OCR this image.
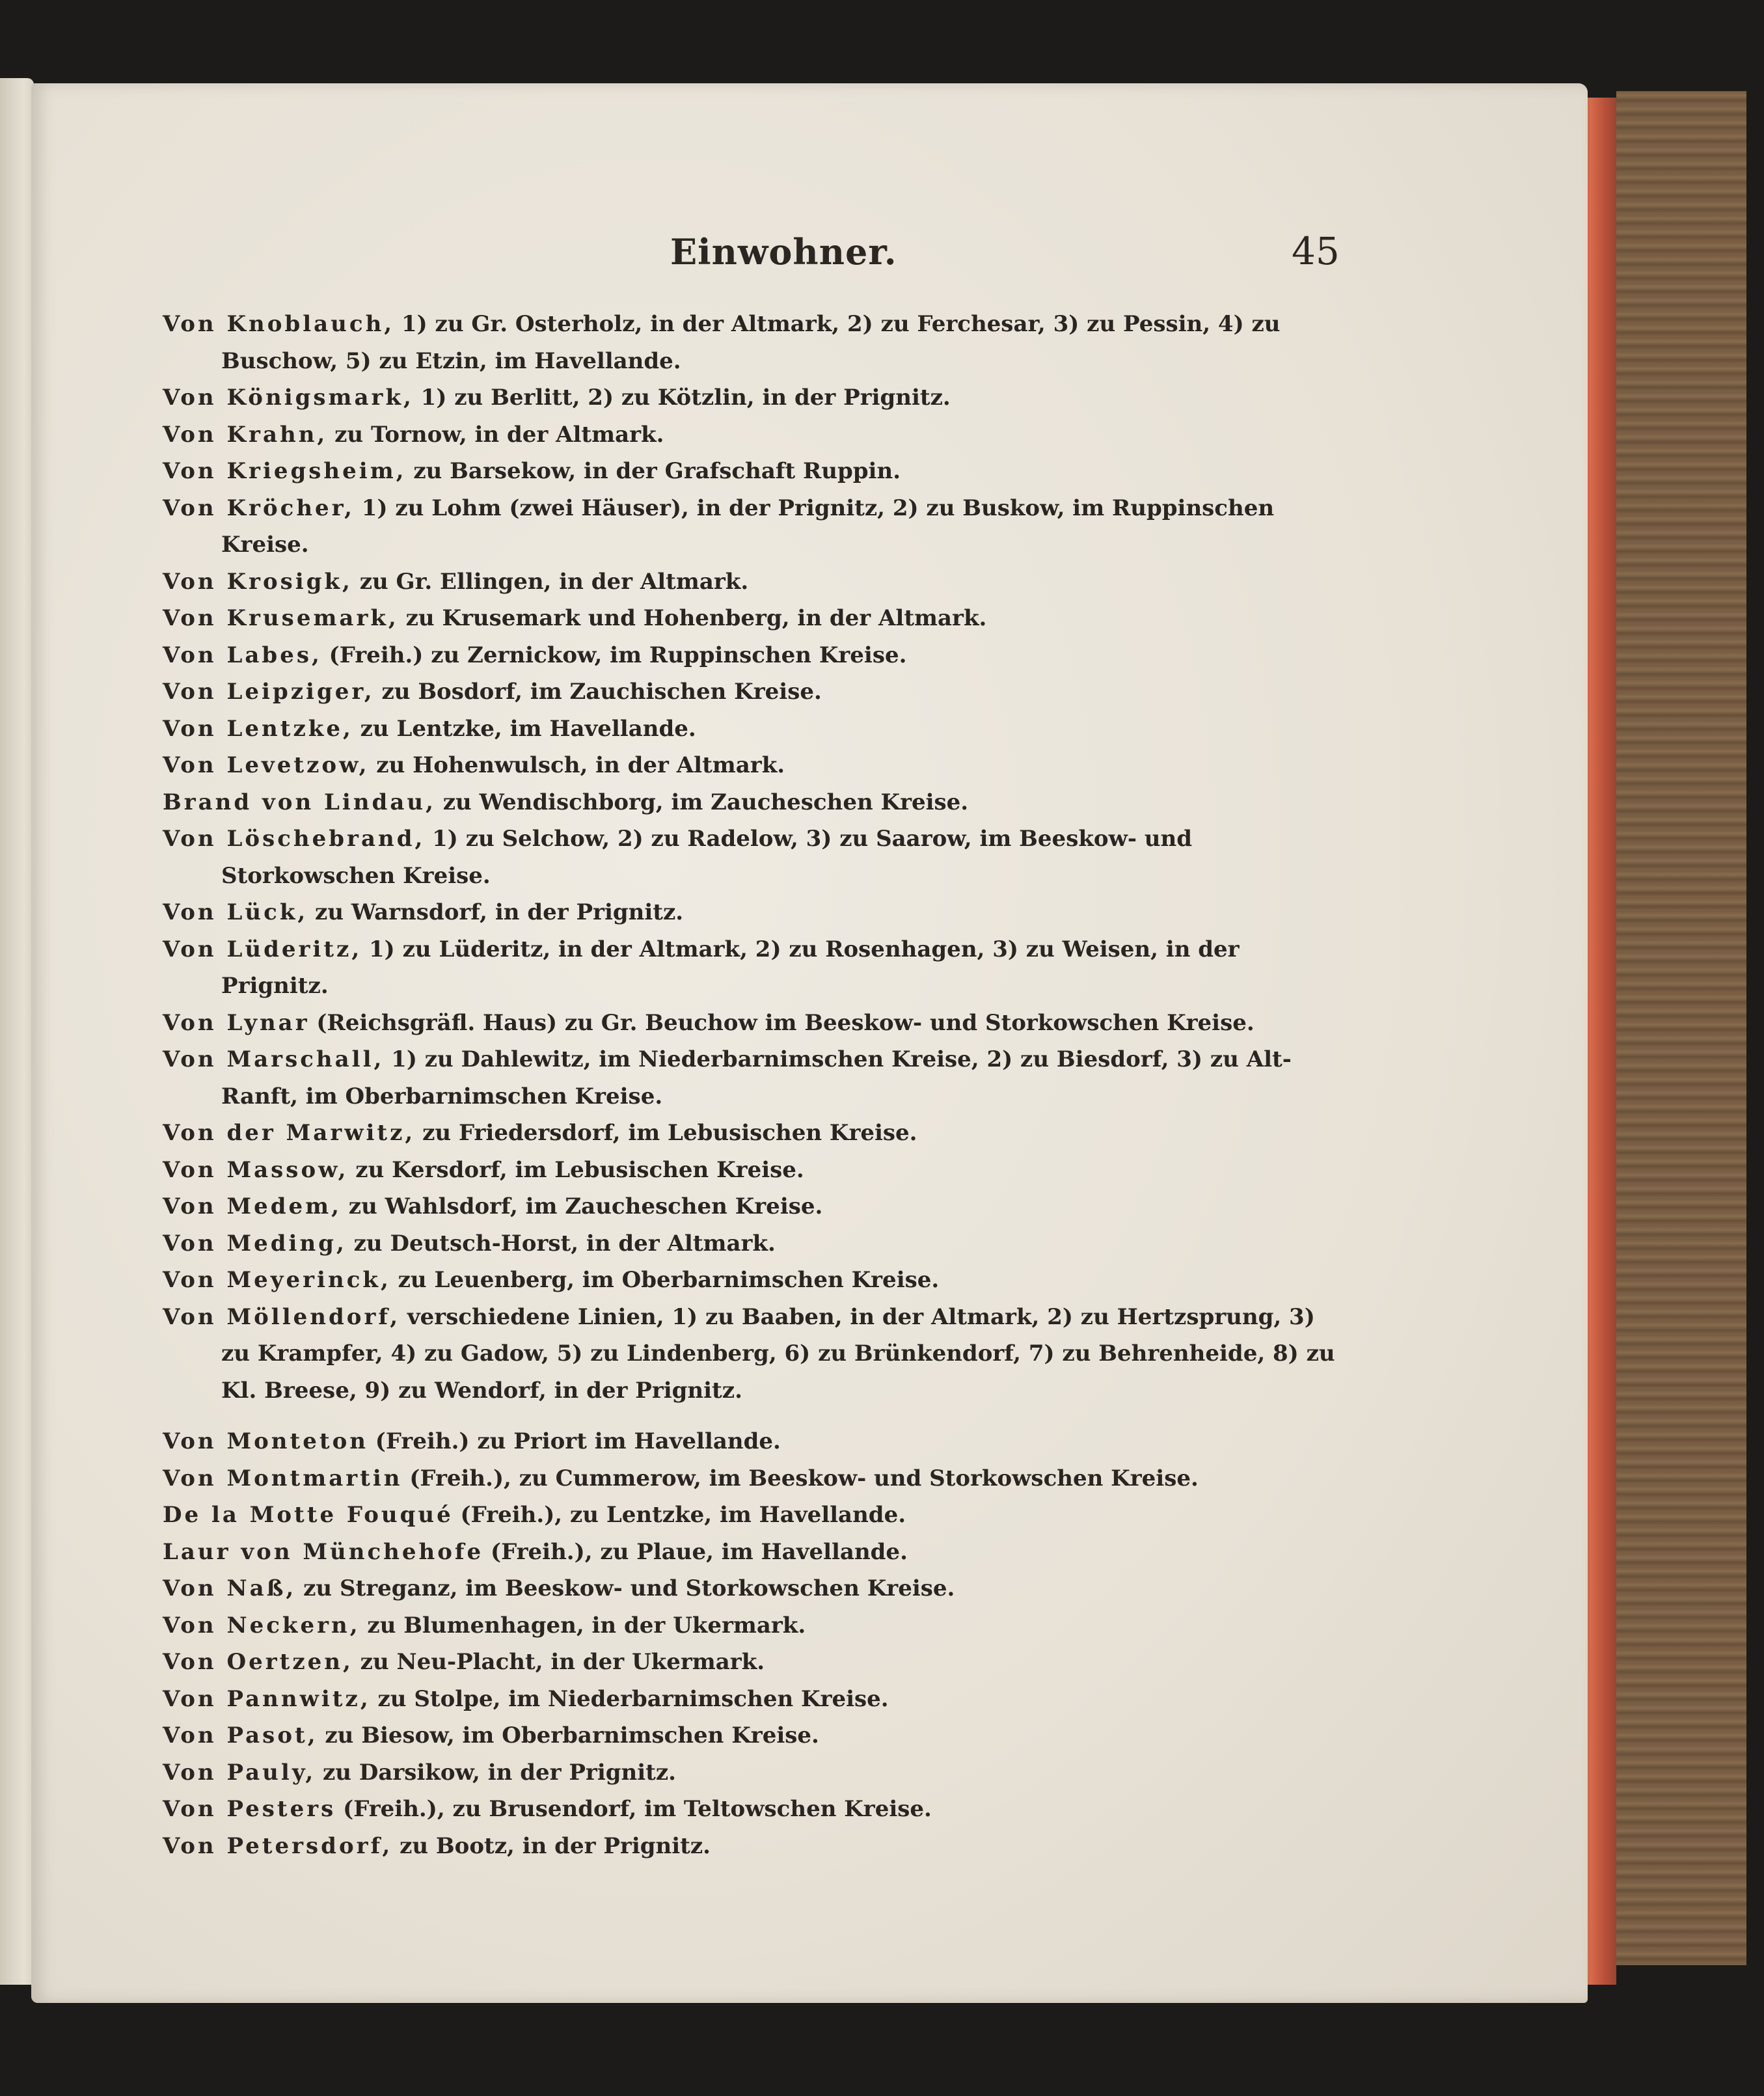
Einwohner.	45
Von Knoblauch, 1) zu Gr. Osterholz, in der Altmark, 2) zu Ferchesar, 3) zu Pessin, 4) zu Buschow, 5) zu Etzin, im Havellande.
Von Königsmark, 1) zu Berlitt, 2) zu Kötzlin, in der Prignitz.
Von Krahn, zu Tornow, in der Altmark.
Von Kriegsheim, zu Barsekow, in der Grafschaft Ruppin.
Von Kröcher, 1) zu Lohm (zwei Häuser), in der Prignitz, 2) zu Buskow, im Ruppinschen Kreise.
Von Krosigk, zu Gr. Ellingen, in der Altmark.
Von Krusemark, zu Krusemark und Hohenberg, in der Altmark.
Von Labes, (Freih.) zu Zernickow, im Ruppinschen Kreise.
Von Leipziger, zu Bosdorf, im Zauchischen Kreise.
Von Lentzke, zu Lentzke, im Havellande.
Von Levetzow, zu Hohenwulsch, in der Altmark.
Brand von Lindau, zu Wendischborg, im Zaucheschen Kreise.
Von Löschebrand, 1) zu Selchow, 2) zu Radelow, 3) zu Saarow, im Beeskow- und Storkowschen Kreise.
Von Lück, zu Warnsdorf, in der Prignitz.
Von Lüderitz, 1) zu Lüderitz, in der Altmark, 2) zu Rosenhagen, 3) zu Weisen, in der Prignitz.
Von Lynar (Reichsgräfl. Haus) zu Gr. Beuchow im Beeskow- und Storkowschen Kreise.
Von Marschall, 1) zu Dahlewitz, im Niederbarnimschen Kreise, 2) zu Biesdorf, 3) zu Alt-Ranft, im Oberbarnimschen Kreise.
Von der Marwitz, zu Friedersdorf, im Lebusischen Kreise.
Von Massow, zu Kersdorf, im Lebusischen Kreise.
Von Medem, zu Wahlsdorf, im Zaucheschen Kreise.
Von Meding, zu Deutsch-Horst, in der Altmark.
Von Meyerinck, zu Leuenberg, im Oberbarnimschen Kreise.
Von Möllendorf, verschiedene Linien, 1) zu Baaben, in der Altmark, 2) zu Hertzsprung, 3) zu Krampfer, 4) zu Gadow, 5) zu Lindenberg, 6) zu Brünkendorf, 7) zu Behrenheide, 8) zu Kl. Breese, 9) zu Wendorf, in der Prignitz.
Von Monteton (Freih.) zu Priort im Havellande.
Von Montmartin (Freih.), zu Cummerow, im Beeskow- und Storkowschen Kreise.
De la Motte Fouqué (Freih.), zu Lentzke, im Havellande.
Laur von Münchehofe (Freih.), zu Plaue, im Havellande.
Von Naß, zu Streganz, im Beeskow- und Storkowschen Kreise.
Von Neckern, zu Blumenhagen, in der Ukermark.
Von Oertzen, zu Neu-Placht, in der Ukermark.
Von Pannwitz, zu Stolpe, im Niederbarnimschen Kreise.
Von Pasot, zu Biesow, im Oberbarnimschen Kreise.
Von Pauly, zu Darsikow, in der Prignitz.
Von Pesters (Freih.), zu Brusendorf, im Teltowschen Kreise.
Von Petersdorf, zu Bootz, in der Prignitz.
